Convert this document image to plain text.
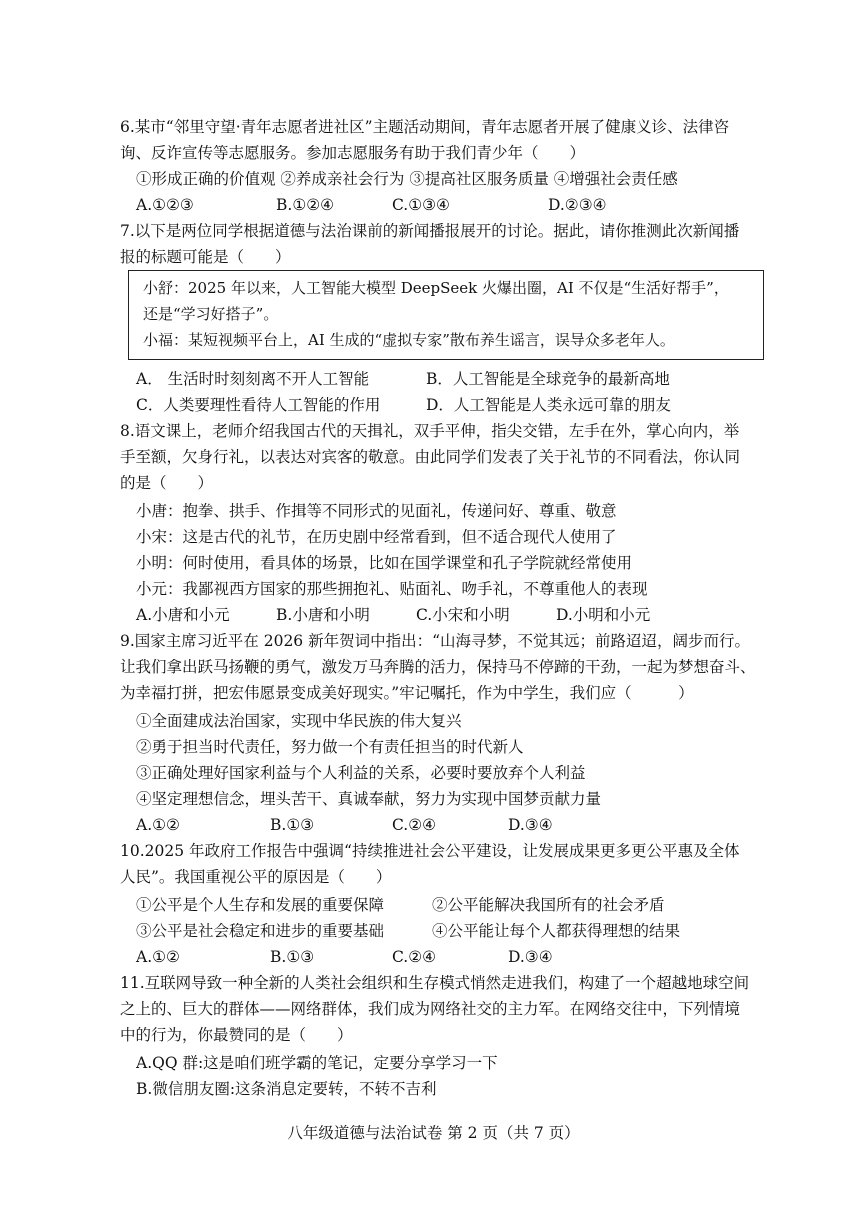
6.某市“邻里守望·青年志愿者进社区”主题活动期间，青年志愿者开展了健康义诊、法律咨
询、反诈宣传等志愿服务。参加志愿服务有助于我们青少年（　　）
①形成正确的价值观 ②养成亲社会行为 ③提高社区服务质量 ④增强社会责任感
A.①②③	B.①②④	C.①③④	D.②③④
7.以下是两位同学根据道德与法治课前的新闻播报展开的讨论。据此，请你推测此次新闻播
报的标题可能是（　　）
小舒：2025 年以来，人工智能大模型 DeepSeek 火爆出圈，AI 不仅是“生活好帮手”，
还是“学习好搭子”。
小福：某短视频平台上，AI 生成的“虚拟专家”散布养生谣言，误导众多老年人。
A． 生活时时刻刻离不开人工智能	B．人工智能是全球竞争的最新高地
C．人类要理性看待人工智能的作用	D．人工智能是人类永远可靠的朋友
8.语文课上，老师介绍我国古代的天揖礼，双手平伸，指尖交错，左手在外，掌心向内，举
手至额，欠身行礼，以表达对宾客的敬意。由此同学们发表了关于礼节的不同看法，你认同
的是（　　）
小唐：抱拳、拱手、作揖等不同形式的见面礼，传递问好、尊重、敬意
小宋：这是古代的礼节，在历史剧中经常看到，但不适合现代人使用了
小明：何时使用，看具体的场景，比如在国学课堂和孔子学院就经常使用
小元：我鄙视西方国家的那些拥抱礼、贴面礼、吻手礼，不尊重他人的表现
A.小唐和小元	B.小唐和小明	C.小宋和小明	D.小明和小元
9.国家主席习近平在 2026 新年贺词中指出：“山海寻梦，不觉其远；前路迢迢，阔步而行。
让我们拿出跃马扬鞭的勇气，激发万马奔腾的活力，保持马不停蹄的干劲，一起为梦想奋斗、
为幸福打拼，把宏伟愿景变成美好现实。”牢记嘱托，作为中学生，我们应（　　　）
①全面建成法治国家，实现中华民族的伟大复兴
②勇于担当时代责任，努力做一个有责任担当的时代新人
③正确处理好国家利益与个人利益的关系，必要时要放弃个人利益
④坚定理想信念，埋头苦干、真诚奉献，努力为实现中国梦贡献力量
A.①②	B.①③	C.②④	D.③④
10.2025 年政府工作报告中强调“持续推进社会公平建设，让发展成果更多更公平惠及全体
人民”。我国重视公平的原因是（　　）
①公平是个人生存和发展的重要保障	②公平能解决我国所有的社会矛盾
③公平是社会稳定和进步的重要基础	④公平能让每个人都获得理想的结果
A.①②	B.①③	C.②④	D.③④
11.互联网导致一种全新的人类社会组织和生存模式悄然走进我们，构建了一个超越地球空间
之上的、巨大的群体——网络群体，我们成为网络社交的主力军。在网络交往中，下列情境
中的行为，你最赞同的是（　　）
A.QQ 群:这是咱们班学霸的笔记，定要分享学习一下
B.微信朋友圈:这条消息定要转，不转不吉利
八年级道德与法治试卷 第 2 页（共 7 页）
